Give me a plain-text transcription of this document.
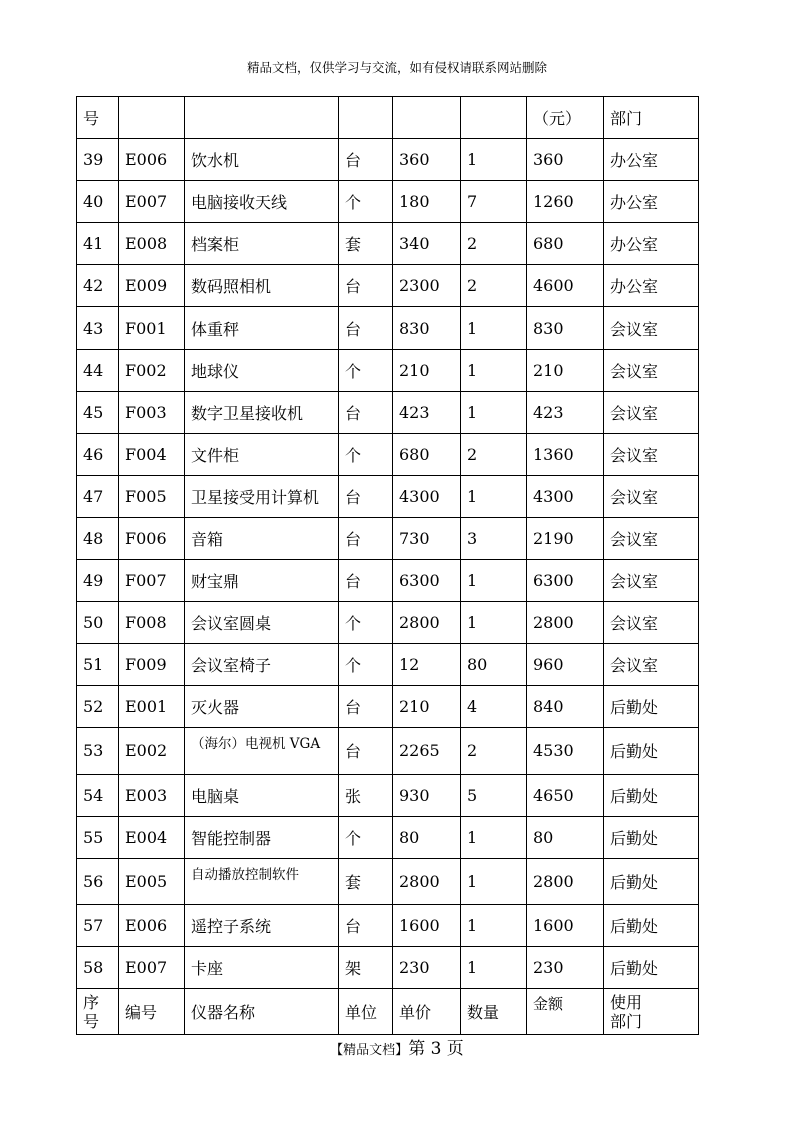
精品文档，仅供学习与交流，如有侵权请联系网站删除
号						（元）	部门
39	E006	饮水机	台	360	1	360	办公室
40	E007	电脑接收天线	个	180	7	1260	办公室
41	E008	档案柜	套	340	2	680	办公室
42	E009	数码照相机	台	2300	2	4600	办公室
43	F001	体重秤	台	830	1	830	会议室
44	F002	地球仪	个	210	1	210	会议室
45	F003	数字卫星接收机	台	423	1	423	会议室
46	F004	文件柜	个	680	2	1360	会议室
47	F005	卫星接受用计算机	台	4300	1	4300	会议室
48	F006	音箱	台	730	3	2190	会议室
49	F007	财宝鼎	台	6300	1	6300	会议室
50	F008	会议室圆桌	个	2800	1	2800	会议室
51	F009	会议室椅子	个	12	80	960	会议室
52	E001	灭火器	台	210	4	840	后勤处
53	E002	（海尔）电视机 VGA	台	2265	2	4530	后勤处
54	E003	电脑桌	张	930	5	4650	后勤处
55	E004	智能控制器	个	80	1	80	后勤处
56	E005	自动播放控制软件	套	2800	1	2800	后勤处
57	E006	遥控子系统	台	1600	1	1600	后勤处
58	E007	卡座	架	230	1	230	后勤处
序
号	编号	仪器名称	单位	单价	数量	金额	使用
部门
【精品文档】第 3 页
